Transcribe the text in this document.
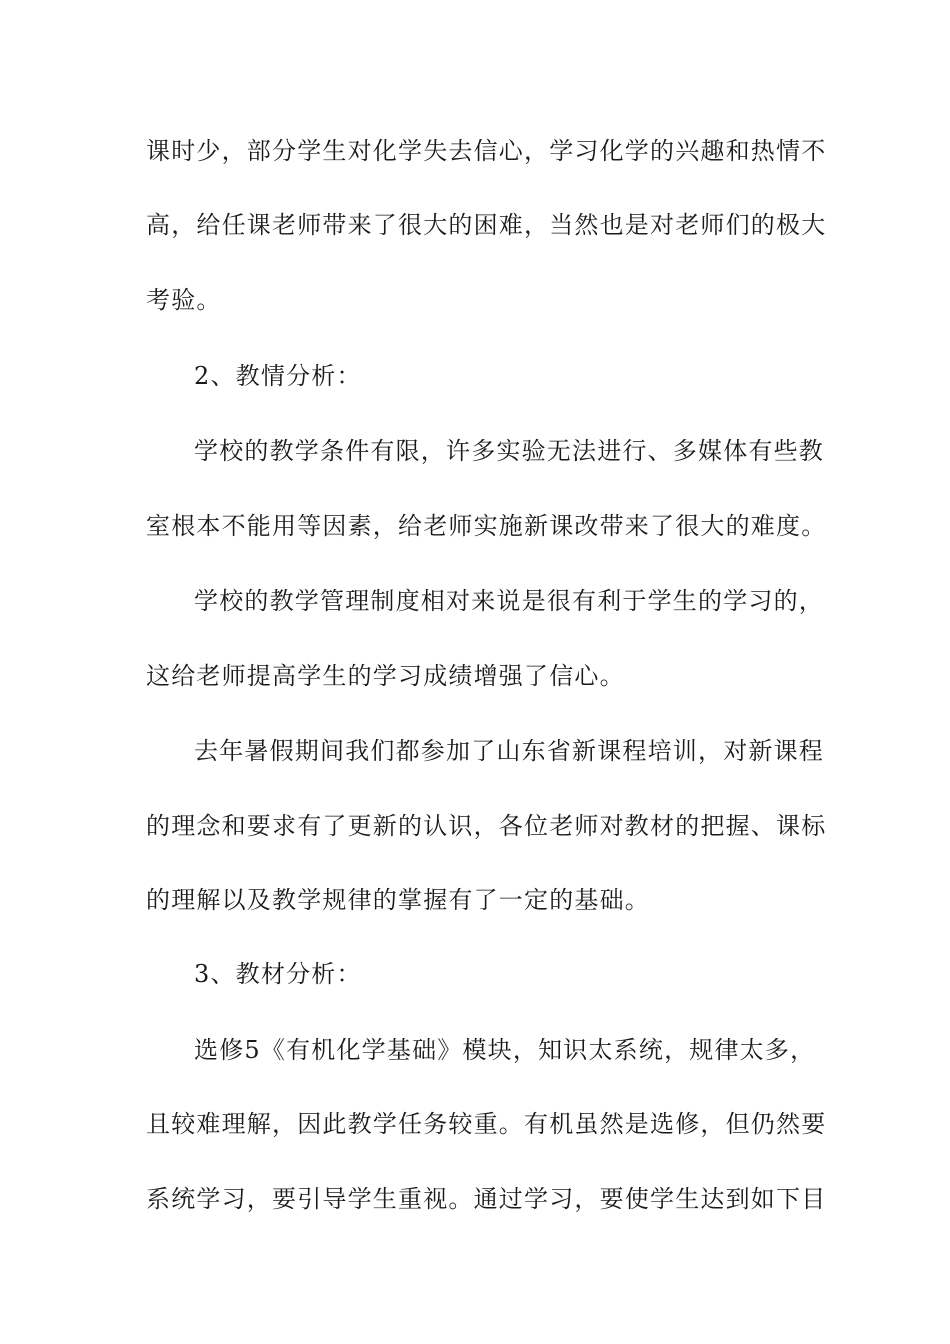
课时少，部分学生对化学失去信心，学习化学的兴趣和热情不
高，给任课老师带来了很大的困难，当然也是对老师们的极大
考验。
2、教情分析：
学校的教学条件有限，许多实验无法进行、多媒体有些教
室根本不能用等因素，给老师实施新课改带来了很大的难度。
学校的教学管理制度相对来说是很有利于学生的学习的，
这给老师提高学生的学习成绩增强了信心。
去年暑假期间我们都参加了山东省新课程培训，对新课程
的理念和要求有了更新的认识，各位老师对教材的把握、课标
的理解以及教学规律的掌握有了一定的基础。
3、教材分析：
选修5《有机化学基础》模块，知识太系统，规律太多，
且较难理解，因此教学任务较重。有机虽然是选修，但仍然要
系统学习，要引导学生重视。通过学习，要使学生达到如下目
